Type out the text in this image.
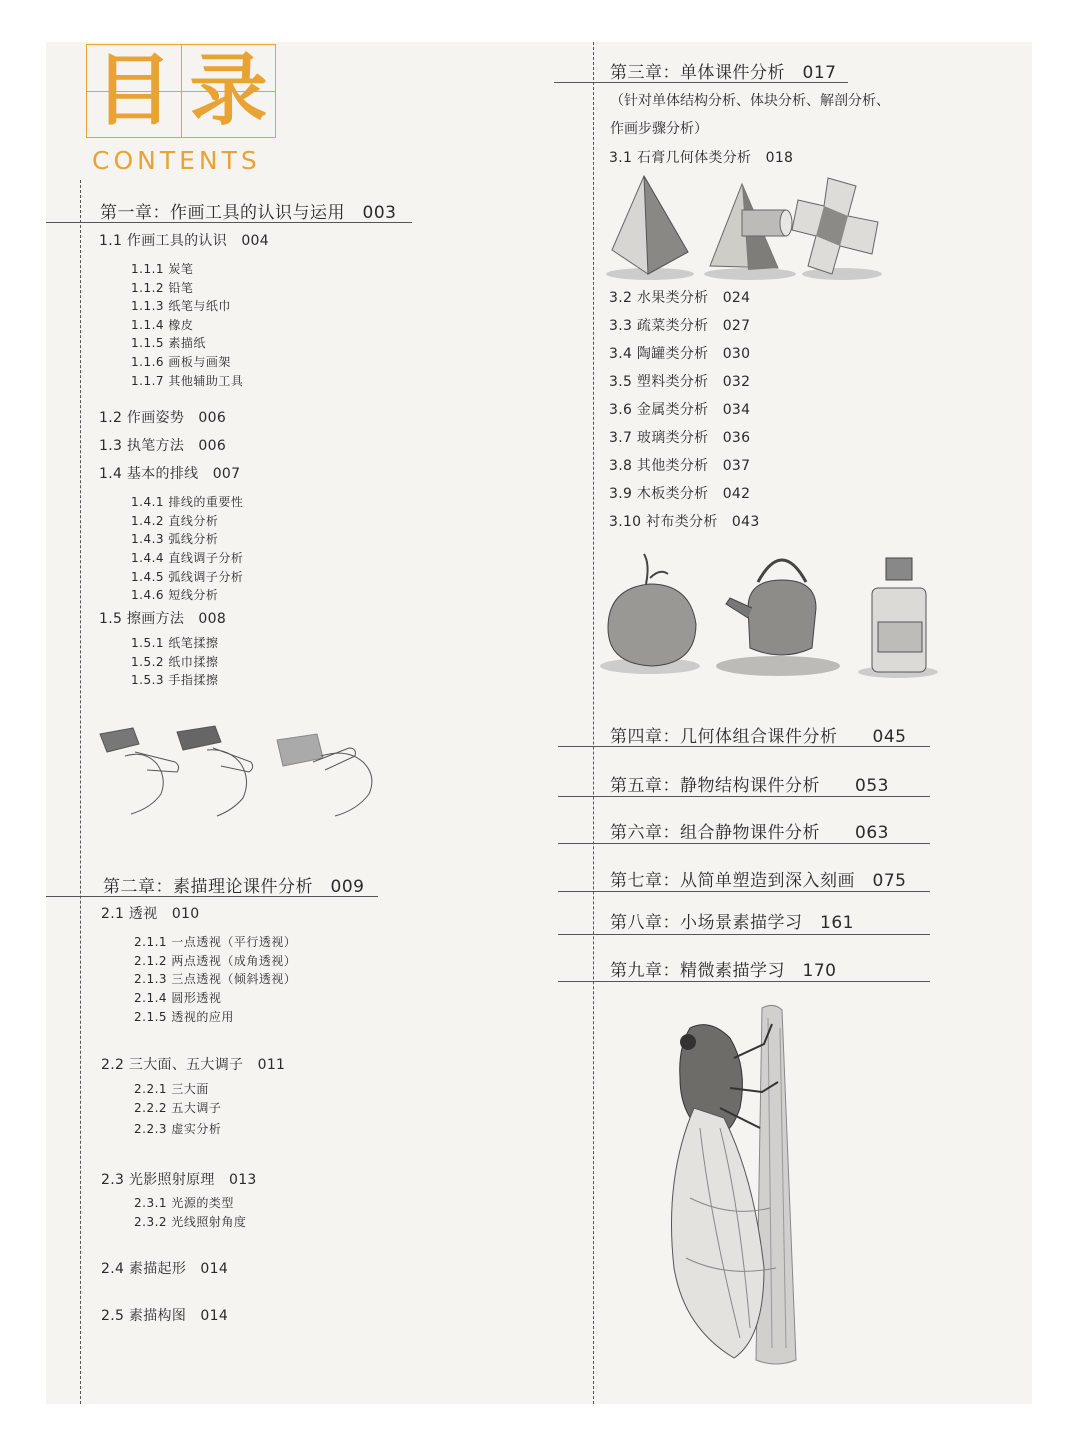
目 录
CONTENTS
第一章：作画工具的认识与运用　003
1.1 作画工具的认识　004
1.1.1 炭笔
1.1.2 铅笔
1.1.3 纸笔与纸巾
1.1.4 橡皮
1.1.5 素描纸
1.1.6 画板与画架
1.1.7 其他辅助工具
1.2 作画姿势　006
1.3 执笔方法　006
1.4 基本的排线　007
1.4.1 排线的重要性
1.4.2 直线分析
1.4.3 弧线分析
1.4.4 直线调子分析
1.4.5 弧线调子分析
1.4.6 短线分析
1.5 擦画方法　008
1.5.1 纸笔揉擦
1.5.2 纸巾揉擦
1.5.3 手指揉擦
第二章：素描理论课件分析　009
2.1 透视　010
2.1.1 一点透视（平行透视）
2.1.2 两点透视（成角透视）
2.1.3 三点透视（倾斜透视）
2.1.4 圆形透视
2.1.5 透视的应用
2.2 三大面、五大调子　011
2.2.1 三大面
2.2.2 五大调子
2.2.3 虚实分析
2.3 光影照射原理　013
2.3.1 光源的类型
2.3.2 光线照射角度
2.4 素描起形　014
2.5 素描构图　014
第三章：单体课件分析　017
（针对单体结构分析、体块分析、解剖分析、
作画步骤分析）
3.1 石膏几何体类分析　018
3.2 水果类分析　024
3.3 疏菜类分析　027
3.4 陶罐类分析　030
3.5 塑料类分析　032
3.6 金属类分析　034
3.7 玻璃类分析　036
3.8 其他类分析　037
3.9 木板类分析　042
3.10 衬布类分析　043
第四章：几何体组合课件分析　　045
第五章：静物结构课件分析　　053
第六章：组合静物课件分析　　063
第七章：从简单塑造到深入刻画　075
第八章：小场景素描学习　161
第九章：精微素描学习　170
